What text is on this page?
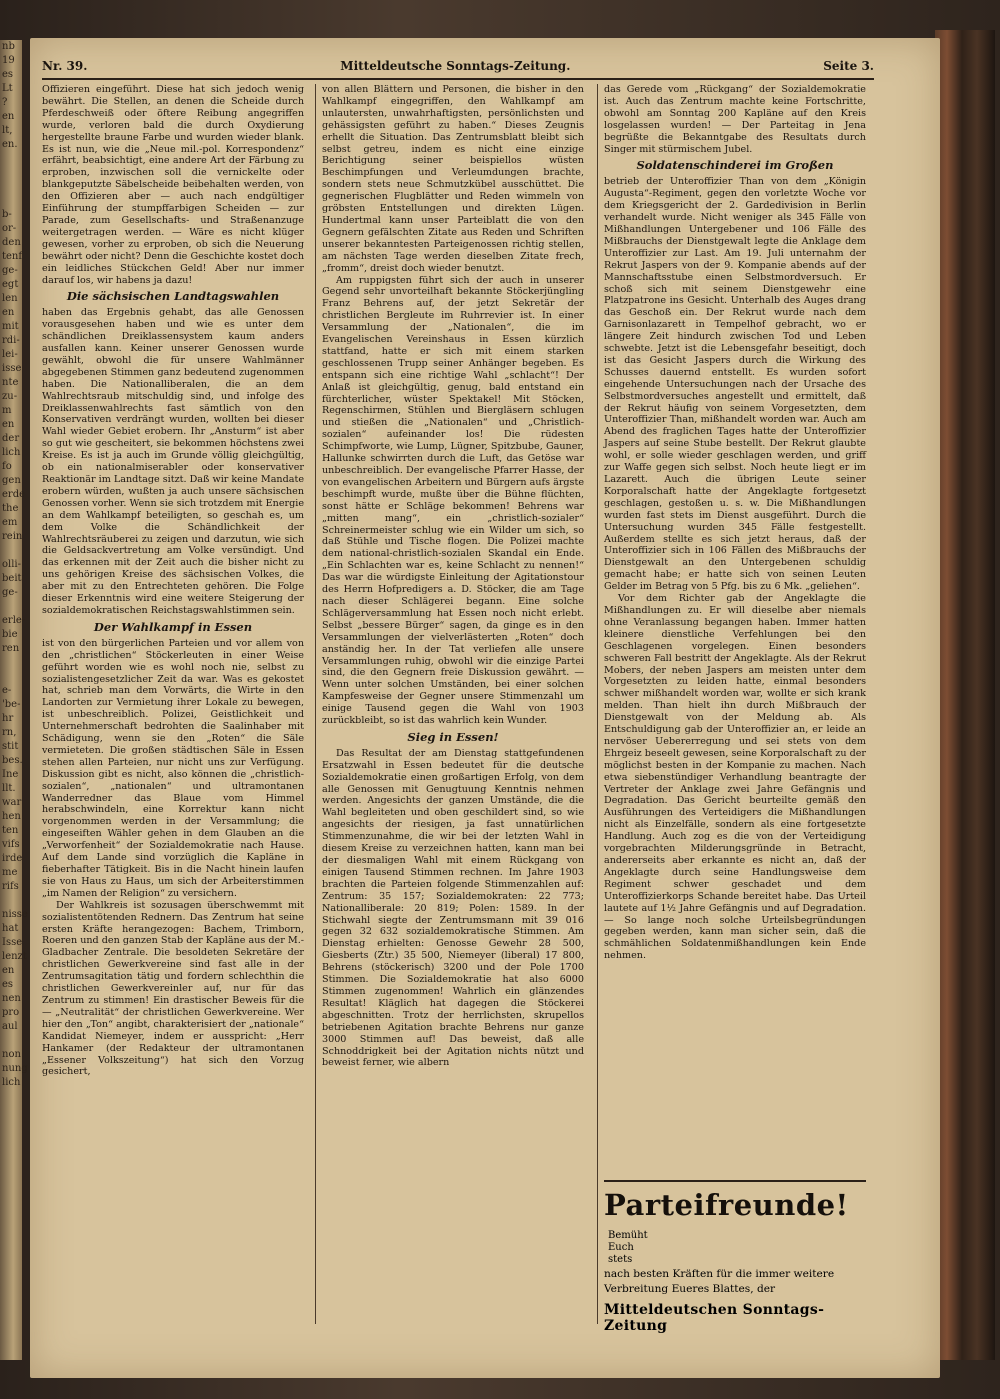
nb
19
es
Lt
?
en
lt,
en.

b-
or-
den
tenf
ge-
egt
len
en
mit
rdi-
lei-
isse
nte
zu-
m
en
der
lich
fo
gen
erde
the
em
rein

olli-
beit
ge-

erle-
bie
ren

e-
'be-
hr
rn,
stit
bes.
Ine
llt.
war
hen
ten
vifs
irde
me
rifs

nisse
hat
Isse
lenzt
en
es
nen
pro
aul

non
nung
lich
Nr. 39.	Mitteldeutsche Sonntags-Zeitung.	Seite 3.

Offizieren eingeführt. Diese hat sich jedoch wenig bewährt. Die Stellen, an denen die Scheide durch Pferdeschweiß oder öftere Reibung angegriffen wurde, verloren bald die durch Oxydierung hergestellte braune Farbe und wurden wieder blank. Es ist nun, wie die „Neue mil.-pol. Korrespondenz“ erfährt, beabsichtigt, eine andere Art der Färbung zu erproben, inzwischen soll die vernickelte oder blankgeputzte Säbelscheide beibehalten werden, von den Offizieren aber — auch nach endgültiger Einführung der stumpffarbigen Scheiden — zur Parade, zum Gesellschafts- und Straßenanzuge weitergetragen werden. — Wäre es nicht klüger gewesen, vorher zu erproben, ob sich die Neuerung bewährt oder nicht? Denn die Geschichte kostet doch ein leidliches Stückchen Geld! Aber nur immer darauf los, wir habens ja dazu!

Die sächsischen Landtagswahlen

haben das Ergebnis gehabt, das alle Genossen vorausgesehen haben und wie es unter dem schändlichen Dreiklassensystem kaum anders ausfallen kann. Keiner unserer Genossen wurde gewählt, obwohl die für unsere Wahlmänner abgegebenen Stimmen ganz bedeutend zugenommen haben. Die Nationalliberalen, die an dem Wahlrechtsraub mitschuldig sind, und infolge des Dreiklassenwahlrechts fast sämtlich von den Konservativen verdrängt wurden, wollten bei dieser Wahl wieder Gebiet erobern. Ihr „Ansturm“ ist aber so gut wie gescheitert, sie bekommen höchstens zwei Kreise. Es ist ja auch im Grunde völlig gleichgültig, ob ein nationalmiserabler oder konservativer Reaktionär im Landtage sitzt. Daß wir keine Mandate erobern würden, wußten ja auch unsere sächsischen Genossen vorher. Wenn sie sich trotzdem mit Energie an dem Wahlkampf beteiligten, so geschah es, um dem Volke die Schändlichkeit der Wahlrechtsräuberei zu zeigen und darzutun, wie sich die Geldsackvertretung am Volke versündigt. Und das erkennen mit der Zeit auch die bisher nicht zu uns gehörigen Kreise des sächsischen Volkes, die aber mit zu den Entrechteten gehören. Die Folge dieser Erkenntnis wird eine weitere Steigerung der sozialdemokratischen Reichstagswahlstimmen sein.

Der Wahlkampf in Essen

ist von den bürgerlichen Parteien und vor allem von den „christlichen“ Stöckerleuten in einer Weise geführt worden wie es wohl noch nie, selbst zu sozialistengesetzlicher Zeit da war. Was es gekostet hat, schrieb man dem Vorwärts, die Wirte in den Landorten zur Vermietung ihrer Lokale zu bewegen, ist unbeschreiblich. Polizei, Geistlichkeit und Unternehmerschaft bedrohten die Saalinhaber mit Schädigung, wenn sie den „Roten“ die Säle vermieteten. Die großen städtischen Säle in Essen stehen allen Parteien, nur nicht uns zur Verfügung. Diskussion gibt es nicht, also können die „christlich-sozialen“, „nationalen“ und ultramontanen Wanderredner das Blaue vom Himmel herabschwindeln, eine Korrektur kann nicht vorgenommen werden in der Versammlung; die eingeseiften Wähler gehen in dem Glauben an die „Verworfenheit“ der Sozialdemokratie nach Hause. Auf dem Lande sind vorzüglich die Kapläne in fieberhafter Tätigkeit. Bis in die Nacht hinein laufen sie von Haus zu Haus, um sich der Arbeiterstimmen „im Namen der Religion“ zu versichern.

Der Wahlkreis ist sozusagen überschwemmt mit sozialistentötenden Rednern. Das Zentrum hat seine ersten Kräfte herangezogen: Bachem, Trimborn, Roeren und den ganzen Stab der Kapläne aus der M.-Gladbacher Zentrale. Die besoldeten Sekretäre der christlichen Gewerkvereine sind fast alle in der Zentrumsagitation tätig und fordern schlechthin die christlichen Gewerkvereinler auf, nur für das Zentrum zu stimmen! Ein drastischer Beweis für die — „Neutralität“ der christlichen Gewerkvereine. Wer hier den „Ton“ angibt, charakterisiert der „nationale“ Kandidat Niemeyer, indem er ausspricht: „Herr Hankamer (der Redakteur der ultramontanen „Essener Volkszeitung“) hat sich den Vorzug gesichert,

von allen Blättern und Personen, die bisher in den Wahlkampf eingegriffen, den Wahlkampf am unlautersten, unwahrhaftigsten, persönlichsten und gehässigsten geführt zu haben.“ Dieses Zeugnis erhellt die Situation. Das Zentrumsblatt bleibt sich selbst getreu, indem es nicht eine einzige Berichtigung seiner beispiellos wüsten Beschimpfungen und Verleumdungen brachte, sondern stets neue Schmutzkübel ausschüttet. Die gegnerischen Flugblätter und Reden wimmeln von gröbsten Entstellungen und direkten Lügen. Hundertmal kann unser Parteiblatt die von den Gegnern gefälschten Zitate aus Reden und Schriften unserer bekanntesten Parteigenossen richtig stellen, am nächsten Tage werden dieselben Zitate frech, „fromm“, dreist doch wieder benutzt.

Am ruppigsten führt sich der auch in unserer Gegend sehr unvorteilhaft bekannte Stöckerjüngling Franz Behrens auf, der jetzt Sekretär der christlichen Bergleute im Ruhrrevier ist. In einer Versammlung der „Nationalen“, die im Evangelischen Vereinshaus in Essen kürzlich stattfand, hatte er sich mit einem starken geschlossenen Trupp seiner Anhänger begeben. Es entspann sich eine richtige Wahl „schlacht“! Der Anlaß ist gleichgültig, genug, bald entstand ein fürchterlicher, wüster Spektakel! Mit Stöcken, Regenschirmen, Stühlen und Biergläsern schlugen und stießen die „Nationalen“ und „Christlich-sozialen“ aufeinander los! Die rüdesten Schimpfworte, wie Lump, Lügner, Spitzbube, Gauner, Hallunke schwirrten durch die Luft, das Getöse war unbeschreiblich. Der evangelische Pfarrer Hasse, der von evangelischen Arbeitern und Bürgern aufs ärgste beschimpft wurde, mußte über die Bühne flüchten, sonst hätte er Schläge bekommen! Behrens war „mitten mang“, ein „christlich-sozialer“ Schreinermeister schlug wie ein Wilder um sich, so daß Stühle und Tische flogen. Die Polizei machte dem national-christlich-sozialen Skandal ein Ende. „Ein Schlachten war es, keine Schlacht zu nennen!“ Das war die würdigste Einleitung der Agitationstour des Herrn Hofpredigers a. D. Stöcker, die am Tage nach dieser Schlägerei begann. Eine solche Schlägerversammlung hat Essen noch nicht erlebt. Selbst „bessere Bürger“ sagen, da ginge es in den Versammlungen der vielverlästerten „Roten“ doch anständig her. In der Tat verliefen alle unsere Versammlungen ruhig, obwohl wir die einzige Partei sind, die den Gegnern freie Diskussion gewährt. — Wenn unter solchen Umständen, bei einer solchen Kampfesweise der Gegner unsere Stimmenzahl um einige Tausend gegen die Wahl von 1903 zurückbleibt, so ist das wahrlich kein Wunder.

Sieg in Essen!

Das Resultat der am Dienstag stattgefundenen Ersatzwahl in Essen bedeutet für die deutsche Sozialdemokratie einen großartigen Erfolg, von dem alle Genossen mit Genugtuung Kenntnis nehmen werden. Angesichts der ganzen Umstände, die die Wahl begleiteten und oben geschildert sind, so wie angesichts der riesigen, ja fast unnatürlichen Stimmenzunahme, die wir bei der letzten Wahl in diesem Kreise zu verzeichnen hatten, kann man bei der diesmaligen Wahl mit einem Rückgang von einigen Tausend Stimmen rechnen. Im Jahre 1903 brachten die Parteien folgende Stimmenzahlen auf: Zentrum: 35 157; Sozialdemokraten: 22 773; Nationalliberale: 20 819; Polen: 1589. In der Stichwahl siegte der Zentrumsmann mit 39 016 gegen 32 632 sozialdemokratische Stimmen. Am Dienstag erhielten: Genosse Gewehr 28 500, Giesberts (Ztr.) 35 500, Niemeyer (liberal) 17 800, Behrens (stöckerisch) 3200 und der Pole 1700 Stimmen. Die Sozialdemokratie hat also 6000 Stimmen zugenommen! Wahrlich ein glänzendes Resultat! Kläglich hat dagegen die Stöckerei abgeschnitten. Trotz der herrlichsten, skrupellos betriebenen Agitation brachte Behrens nur ganze 3000 Stimmen auf! Das beweist, daß alle Schnoddrigkeit bei der Agitation nichts nützt und beweist ferner, wie albern

das Gerede vom „Rückgang“ der Sozialdemokratie ist. Auch das Zentrum machte keine Fortschritte, obwohl am Sonntag 200 Kapläne auf den Kreis losgelassen wurden! — Der Parteitag in Jena begrüßte die Bekanntgabe des Resultats durch Singer mit stürmischem Jubel.

Soldatenschinderei im Großen

betrieb der Unteroffizier Than von dem „Königin Augusta“-Regiment, gegen den vorletzte Woche vor dem Kriegsgericht der 2. Gardedivision in Berlin verhandelt wurde. Nicht weniger als 345 Fälle von Mißhandlungen Untergebener und 106 Fälle des Mißbrauchs der Dienstgewalt legte die Anklage dem Unteroffizier zur Last. Am 19. Juli unternahm der Rekrut Jaspers von der 9. Kompanie abends auf der Mannschaftsstube einen Selbstmordversuch. Er schoß sich mit seinem Dienstgewehr eine Platzpatrone ins Gesicht. Unterhalb des Auges drang das Geschoß ein. Der Rekrut wurde nach dem Garnisonlazarett in Tempelhof gebracht, wo er längere Zeit hindurch zwischen Tod und Leben schwebte. Jetzt ist die Lebensgefahr beseitigt, doch ist das Gesicht Jaspers durch die Wirkung des Schusses dauernd entstellt. Es wurden sofort eingehende Untersuchungen nach der Ursache des Selbstmordversuches angestellt und ermittelt, daß der Rekrut häufig von seinem Vorgesetzten, dem Unteroffizier Than, mißhandelt worden war. Auch am Abend des fraglichen Tages hatte der Unteroffizier Jaspers auf seine Stube bestellt. Der Rekrut glaubte wohl, er solle wieder geschlagen werden, und griff zur Waffe gegen sich selbst. Noch heute liegt er im Lazarett. Auch die übrigen Leute seiner Korporalschaft hatte der Angeklagte fortgesetzt geschlagen, gestoßen u. s. w. Die Mißhandlungen wurden fast stets im Dienst ausgeführt. Durch die Untersuchung wurden 345 Fälle festgestellt. Außerdem stellte es sich jetzt heraus, daß der Unteroffizier sich in 106 Fällen des Mißbrauchs der Dienstgewalt an den Untergebenen schuldig gemacht habe; er hatte sich von seinen Leuten Gelder im Betrag von 5 Pfg. bis zu 6 Mk. „geliehen“.

Vor dem Richter gab der Angeklagte die Mißhandlungen zu. Er will dieselbe aber niemals ohne Veranlassung begangen haben. Immer hatten kleinere dienstliche Verfehlungen bei den Geschlagenen vorgelegen. Einen besonders schweren Fall bestritt der Angeklagte. Als der Rekrut Mobers, der neben Jaspers am meisten unter dem Vorgesetzten zu leiden hatte, einmal besonders schwer mißhandelt worden war, wollte er sich krank melden. Than hielt ihn durch Mißbrauch der Dienstgewalt von der Meldung ab. Als Entschuldigung gab der Unteroffizier an, er leide an nervöser Uebererregung und sei stets von dem Ehrgeiz beseelt gewesen, seine Korporalschaft zu der möglichst besten in der Kompanie zu machen. Nach etwa siebenstündiger Verhandlung beantragte der Vertreter der Anklage zwei Jahre Gefängnis und Degradation. Das Gericht beurteilte gemäß den Ausführungen des Verteidigers die Mißhandlungen nicht als Einzelfälle, sondern als eine fortgesetzte Handlung. Auch zog es die von der Verteidigung vorgebrachten Milderungsgründe in Betracht, andererseits aber erkannte es nicht an, daß der Angeklagte durch seine Handlungsweise dem Regiment schwer geschadet und dem Unteroffizierkorps Schande bereitet habe. Das Urteil lautete auf 1½ Jahre Gefängnis und auf Degradation. — So lange noch solche Urteilsbegründungen gegeben werden, kann man sicher sein, daß die schmählichen Soldatenmißhandlungen kein Ende nehmen.

Parteifreunde! Bemüht Euch stets
nach besten Kräften für die immer weitere
Verbreitung Eueres Blattes, der
Mitteldeutschen Sonntags-Zeitung
